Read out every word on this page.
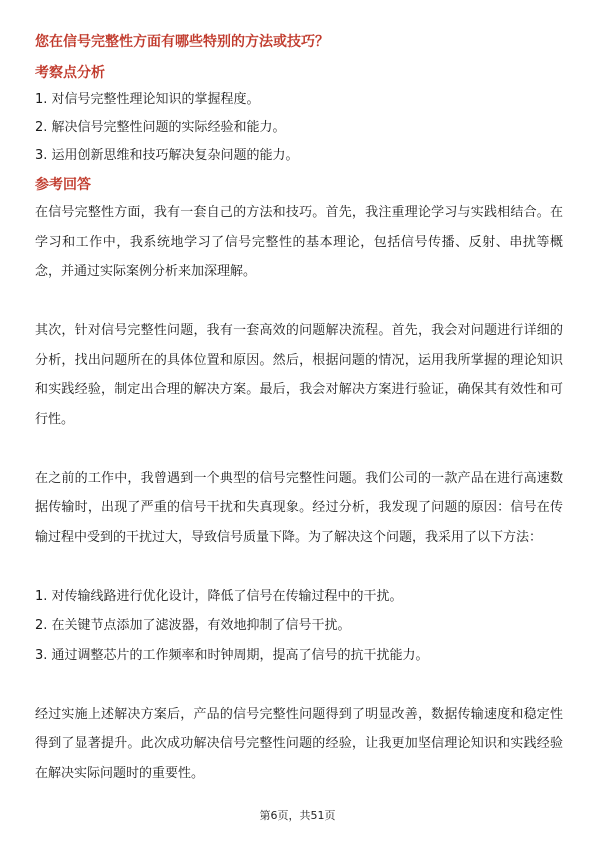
您在信号完整性方面有哪些特别的方法或技巧？

考察点分析

1. 对信号完整性理论知识的掌握程度。

2. 解决信号完整性问题的实际经验和能力。

3. 运用创新思维和技巧解决复杂问题的能力。

参考回答

在信号完整性方面，我有一套自己的方法和技巧。首先，我注重理论学习与实践相结合。在学习和工作中，我系统地学习了信号完整性的基本理论，包括信号传播、反射、串扰等概念，并通过实际案例分析来加深理解。

其次，针对信号完整性问题，我有一套高效的问题解决流程。首先，我会对问题进行详细的分析，找出问题所在的具体位置和原因。然后，根据问题的情况，运用我所掌握的理论知识和实践经验，制定出合理的解决方案。最后，我会对解决方案进行验证，确保其有效性和可行性。

在之前的工作中，我曾遇到一个典型的信号完整性问题。我们公司的一款产品在进行高速数据传输时，出现了严重的信号干扰和失真现象。经过分析，我发现了问题的原因：信号在传输过程中受到的干扰过大，导致信号质量下降。为了解决这个问题，我采用了以下方法：

1. 对传输线路进行优化设计，降低了信号在传输过程中的干扰。

2. 在关键节点添加了滤波器，有效地抑制了信号干扰。

3. 通过调整芯片的工作频率和时钟周期，提高了信号的抗干扰能力。

经过实施上述解决方案后，产品的信号完整性问题得到了明显改善，数据传输速度和稳定性得到了显著提升。此次成功解决信号完整性问题的经验，让我更加坚信理论知识和实践经验在解决实际问题时的重要性。

第6页，共51页
